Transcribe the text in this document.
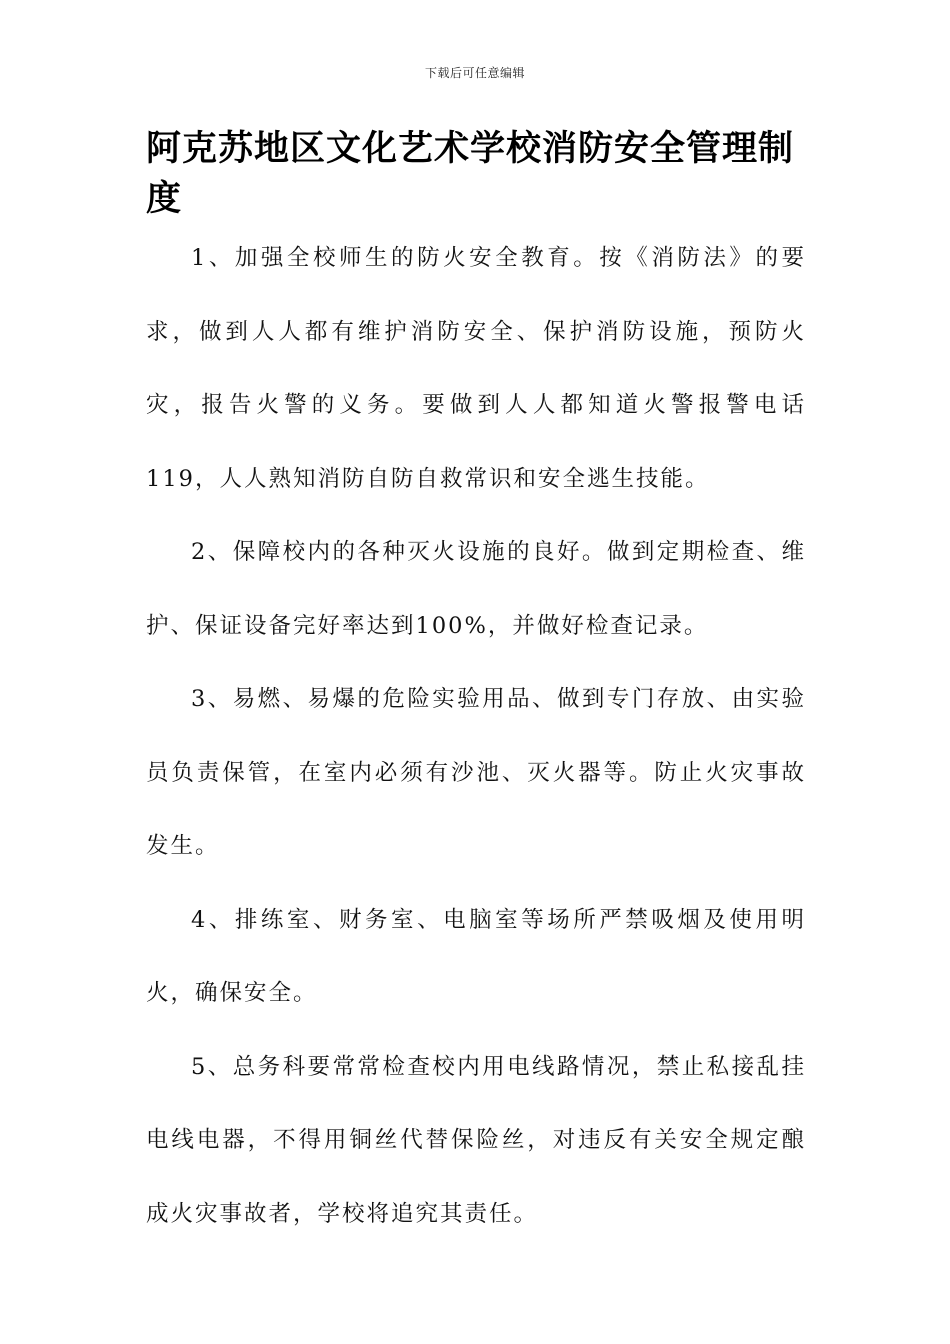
下载后可任意编辑
阿克苏地区文化艺术学校消防安全管理制度

1、加强全校师生的防火安全教育。按《消防法》的要求，做到人人都有维护消防安全、保护消防设施，预防火灾，报告火警的义务。要做到人人都知道火警报警电话119，人人熟知消防自防自救常识和安全逃生技能。

2、保障校内的各种灭火设施的良好。做到定期检查、维护、保证设备完好率达到100%，并做好检查记录。

3、易燃、易爆的危险实验用品、做到专门存放、由实验员负责保管，在室内必须有沙池、灭火器等。防止火灾事故发生。

4、排练室、财务室、电脑室等场所严禁吸烟及使用明火，确保安全。

5、总务科要常常检查校内用电线路情况，禁止私接乱挂电线电器，不得用铜丝代替保险丝，对违反有关安全规定酿成火灾事故者，学校将追究其责任。
